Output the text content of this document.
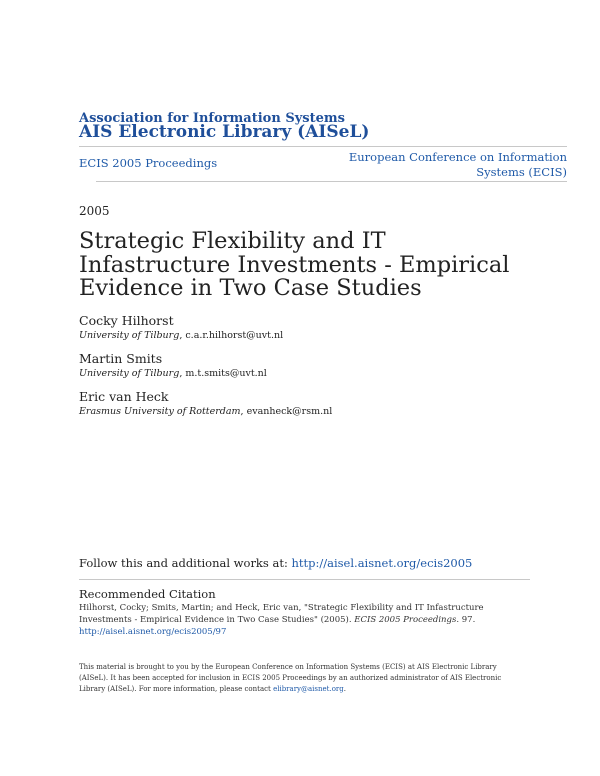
Association for Information Systems
AIS Electronic Library (AISeL)
ECIS 2005 Proceedings	European Conference on Information Systems (ECIS)
2005
Strategic Flexibility and IT Infastructure Investments - Empirical Evidence in Two Case Studies
Cocky Hilhorst
University of Tilburg, c.a.r.hilhorst@uvt.nl
Martin Smits
University of Tilburg, m.t.smits@uvt.nl
Eric van Heck
Erasmus University of Rotterdam, evanheck@rsm.nl
Follow this and additional works at: http://aisel.aisnet.org/ecis2005
Recommended Citation
Hilhorst, Cocky; Smits, Martin; and Heck, Eric van, "Strategic Flexibility and IT Infastructure Investments - Empirical Evidence in Two Case Studies" (2005). ECIS 2005 Proceedings. 97.
http://aisel.aisnet.org/ecis2005/97
This material is brought to you by the European Conference on Information Systems (ECIS) at AIS Electronic Library (AISeL). It has been accepted for inclusion in ECIS 2005 Proceedings by an authorized administrator of AIS Electronic Library (AISeL). For more information, please contact elibrary@aisnet.org.
